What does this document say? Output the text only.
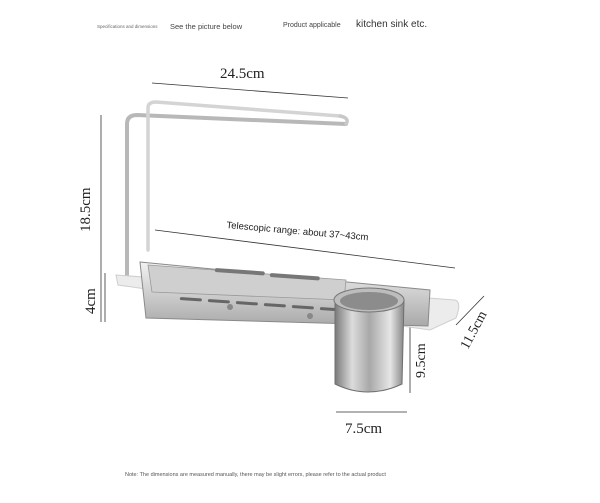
Specifications and dimensions See the picture below	Product applicable kitchen sink etc.
24.5cm
18.5cm
4cm
Telescopic range: about 37~43cm
11.5cm
9.5cm
7.5cm
Note: The dimensions are measured manually, there may be slight errors, please refer to the actual product
